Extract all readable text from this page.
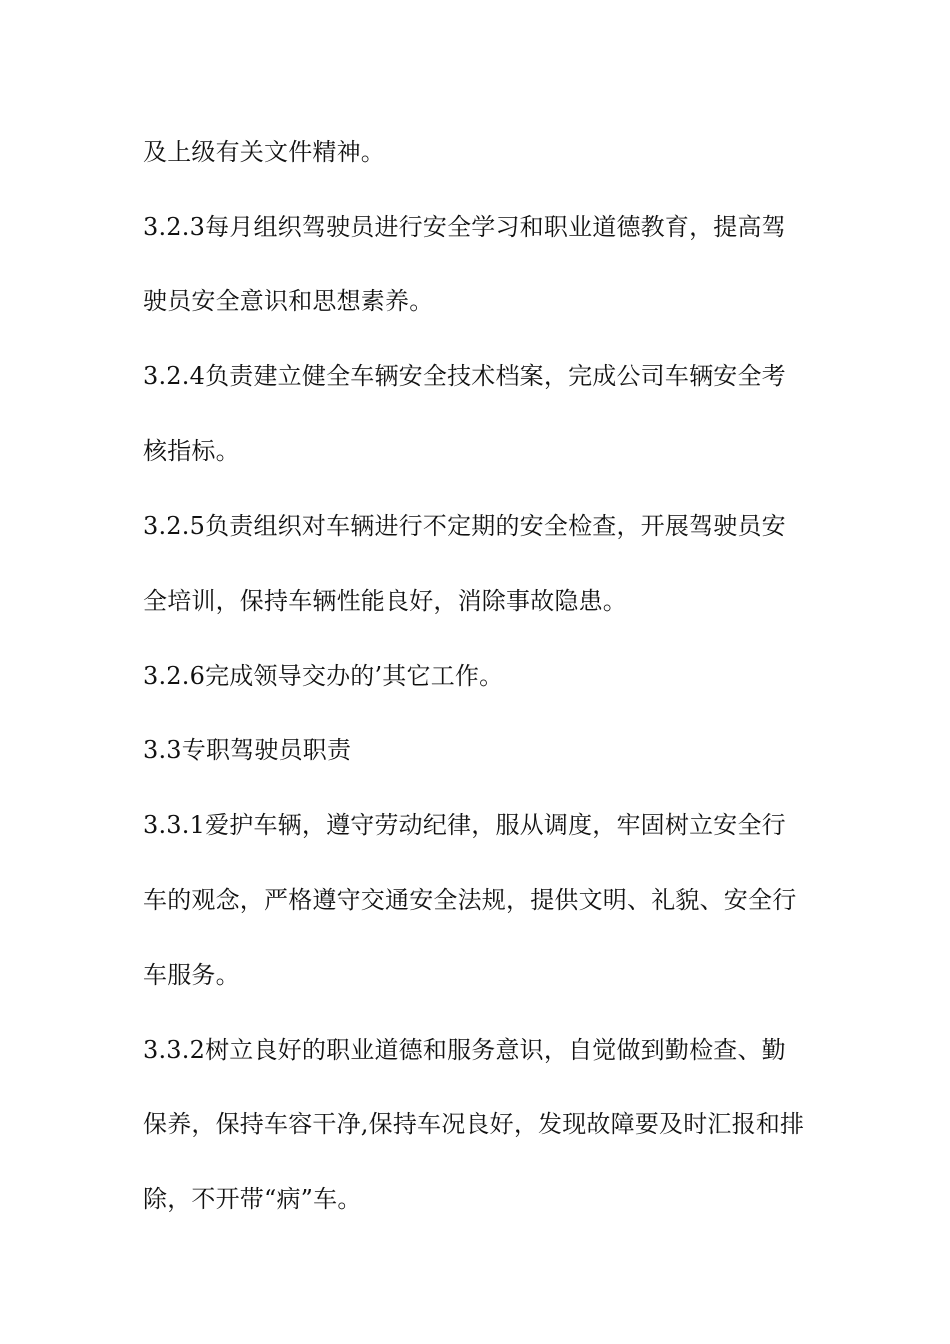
及上级有关文件精神。

3.2.3每月组织驾驶员进行安全学习和职业道德教育，提高驾

驶员安全意识和思想素养。

3.2.4负责建立健全车辆安全技术档案，完成公司车辆安全考

核指标。

3.2.5负责组织对车辆进行不定期的安全检查，开展驾驶员安

全培训，保持车辆性能良好，消除事故隐患。

3.2.6完成领导交办的’其它工作。

3.3专职驾驶员职责

3.3.1爱护车辆，遵守劳动纪律，服从调度，牢固树立安全行

车的观念，严格遵守交通安全法规，提供文明、礼貌、安全行

车服务。

3.3.2树立良好的职业道德和服务意识，自觉做到勤检查、勤

保养，保持车容干净,保持车况良好，发现故障要及时汇报和排

除，不开带“病”车。
